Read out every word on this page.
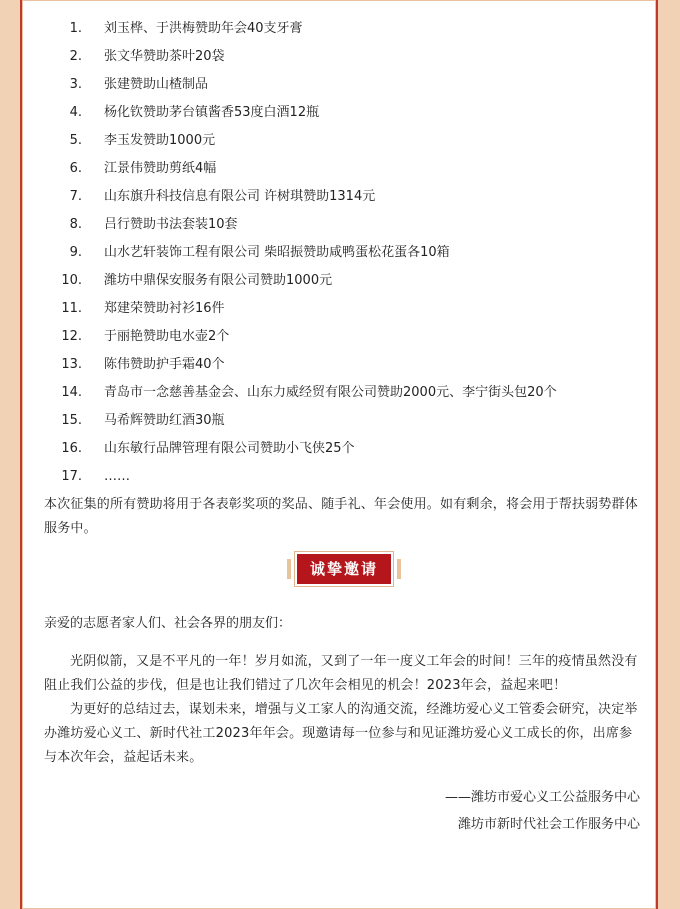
1. 刘玉桦、于洪梅赞助年会40支牙膏
2. 张文华赞助茶叶20袋
3. 张建赞助山楂制品
4. 杨化钦赞助茅台镇酱香53度白酒12瓶
5. 李玉发赞助1000元
6. 江景伟赞助剪纸4幅
7. 山东旗升科技信息有限公司 许树琪赞助1314元
8. 吕行赞助书法套装10套
9. 山水艺轩装饰工程有限公司 柴昭振赞助咸鸭蛋松花蛋各10箱
10. 潍坊中鼎保安服务有限公司赞助1000元
11. 郑建荣赞助衬衫16件
12. 于丽艳赞助电水壶2个
13. 陈伟赞助护手霜40个
14. 青岛市一念慈善基金会、山东力威经贸有限公司赞助2000元、李宁街头包20个
15. 马希辉赞助红酒30瓶
16. 山东敏行品牌管理有限公司赞助小飞侠25个
17. ……

本次征集的所有赞助将用于各表彰奖项的奖品、随手礼、年会使用。如有剩余，将会用于帮扶弱势群体服务中。

诚挚邀请

亲爱的志愿者家人们、社会各界的朋友们：

光阴似箭，又是不平凡的一年！岁月如流，又到了一年一度义工年会的时间！三年的疫情虽然没有阻止我们公益的步伐，但是也让我们错过了几次年会相见的机会！2023年会，益起来吧！

为更好的总结过去，谋划未来，增强与义工家人的沟通交流，经潍坊爱心义工管委会研究，决定举办潍坊爱心义工、新时代社工2023年年会。现邀请每一位参与和见证潍坊爱心义工成长的你，出席参与本次年会，益起话未来。

——潍坊市爱心义工公益服务中心
潍坊市新时代社会工作服务中心
